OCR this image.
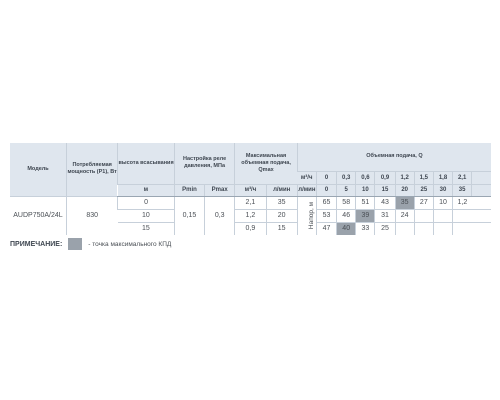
Модель	Потребляемая мощность (P1), Вт	высота всасывания	Настройка реле давления, МПа		Максимальная объемная подача, Qmax		Объемная подача, Q									
							м³/ч	0	0,3	0,6	0,9	1,2	1,5	1,8	2,1	
		м	Pmin	Pmax	м³/ч	л/мин	л/мин	0	5	10	15	20	25	30	35	
AUDP750A/24L	830	0	0,15	0,3	2,1	35	Напор, м	65	58	51	43	35	27	10	1,2	
		10			1,2	20		53	46	39	31	24				
		15			0,9	15		47	40	33	25					
ПРИМЕЧАНИЕ:	- точка максимального КПД
